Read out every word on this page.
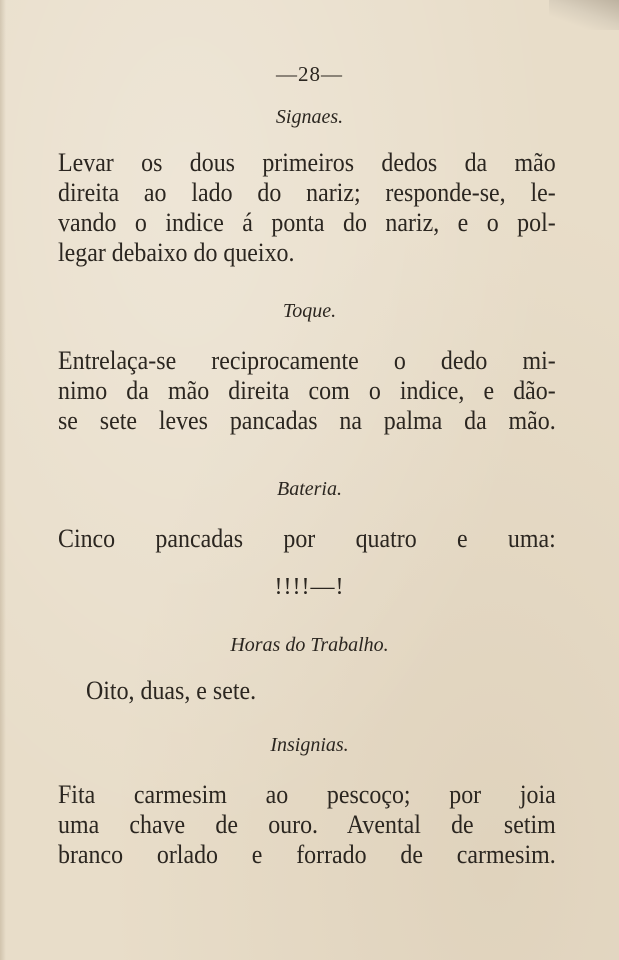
—28—
Signaes.
Levar os dous primeiros dedos da mão
direita ao lado do nariz; responde-se, le-
vando o indice á ponta do nariz, e o pol-
legar debaixo do queixo.
Toque.
Entrelaça-se reciprocamente o dedo mi-
nimo da mão direita com o indice, e dão-
se sete leves pancadas na palma da mão.
Bateria.
Cinco pancadas por quatro e uma:
!!!!—!
Horas do Trabalho.
Oito, duas, e sete.
Insignias.
Fita carmesim ao pescoço; por joia
uma chave de ouro. Avental de setim
branco orlado e forrado de carmesim.
